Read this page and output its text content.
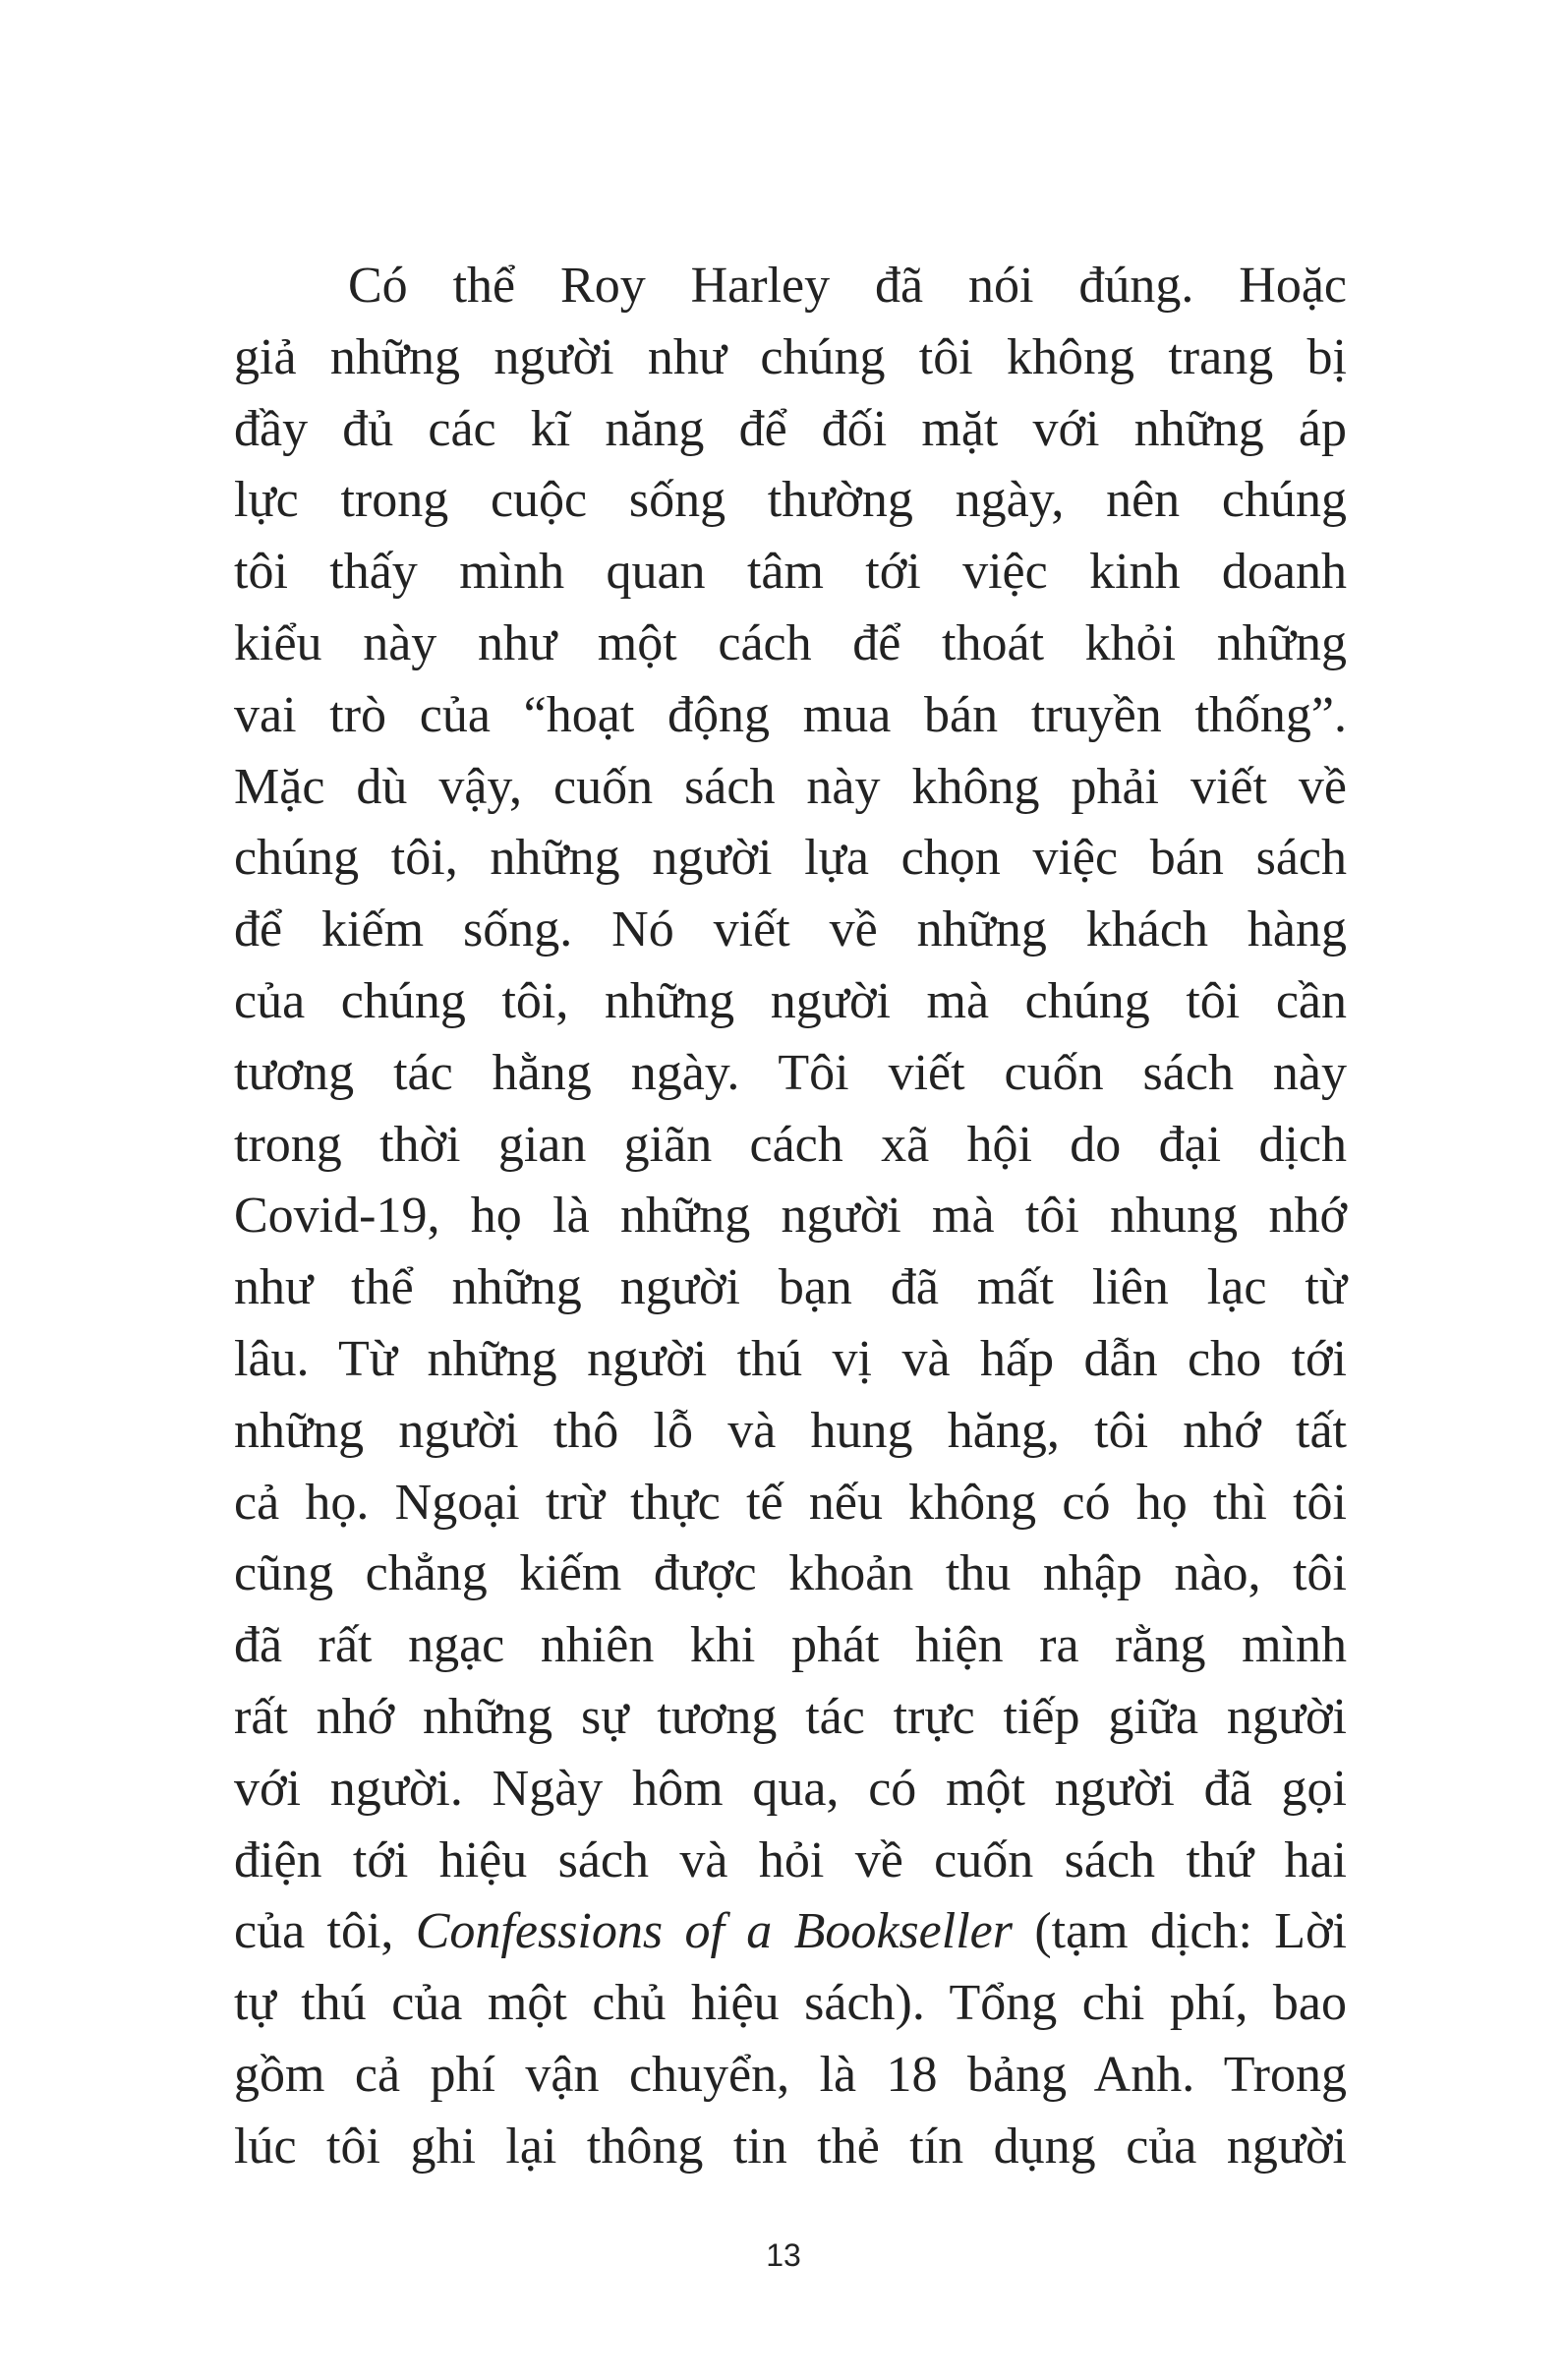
Có thể Roy Harley đã nói đúng. Hoặc
giả những người như chúng tôi không trang bị
đầy đủ các kĩ năng để đối mặt với những áp
lực trong cuộc sống thường ngày, nên chúng
tôi thấy mình quan tâm tới việc kinh doanh
kiểu này như một cách để thoát khỏi những
vai trò của “hoạt động mua bán truyền thống”.
Mặc dù vậy, cuốn sách này không phải viết về
chúng tôi, những người lựa chọn việc bán sách
để kiếm sống. Nó viết về những khách hàng
của chúng tôi, những người mà chúng tôi cần
tương tác hằng ngày. Tôi viết cuốn sách này
trong thời gian giãn cách xã hội do đại dịch
Covid-19, họ là những người mà tôi nhung nhớ
như thể những người bạn đã mất liên lạc từ
lâu. Từ những người thú vị và hấp dẫn cho tới
những người thô lỗ và hung hăng, tôi nhớ tất
cả họ. Ngoại trừ thực tế nếu không có họ thì tôi
cũng chẳng kiếm được khoản thu nhập nào, tôi
đã rất ngạc nhiên khi phát hiện ra rằng mình
rất nhớ những sự tương tác trực tiếp giữa người
với người. Ngày hôm qua, có một người đã gọi
điện tới hiệu sách và hỏi về cuốn sách thứ hai
của tôi, Confessions of a Bookseller (tạm dịch: Lời
tự thú của một chủ hiệu sách). Tổng chi phí, bao
gồm cả phí vận chuyển, là 18 bảng Anh. Trong
lúc tôi ghi lại thông tin thẻ tín dụng của người
13
